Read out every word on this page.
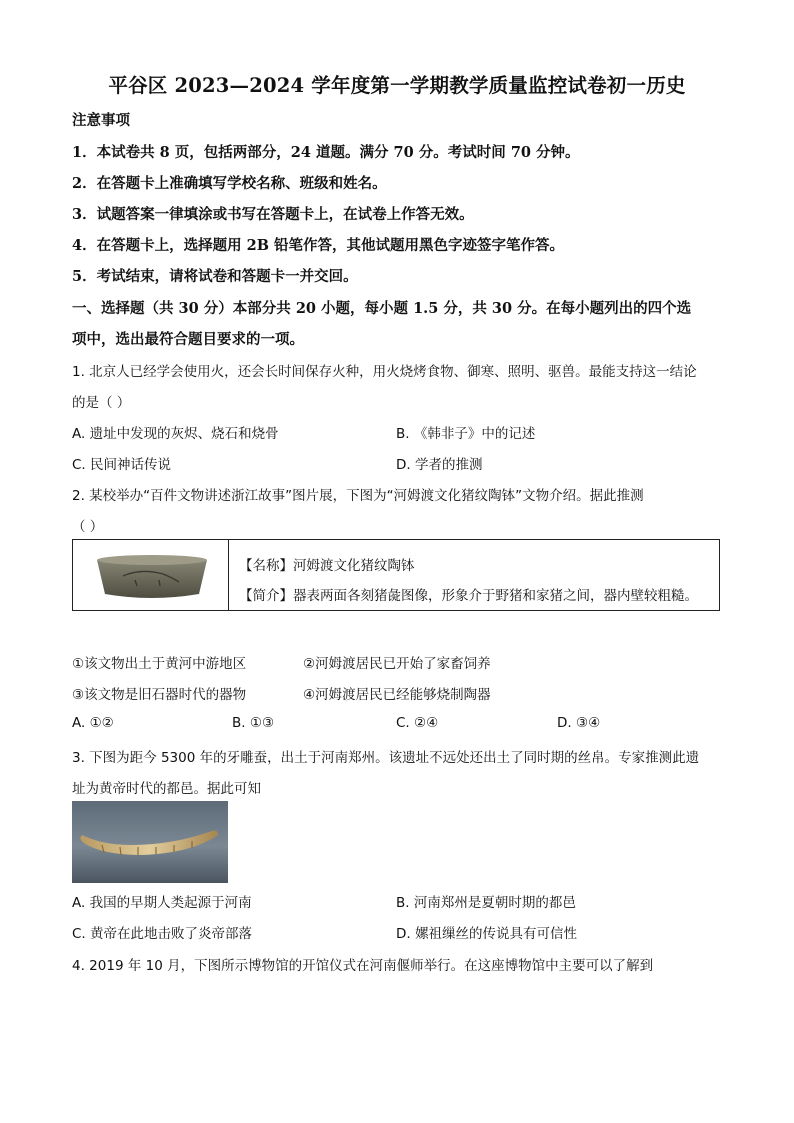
平谷区 2023—2024 学年度第一学期教学质量监控试卷初一历史
注意事项
1．本试卷共 8 页，包括两部分，24 道题。满分 70 分。考试时间 70 分钟。
2．在答题卡上准确填写学校名称、班级和姓名。
3．试题答案一律填涂或书写在答题卡上，在试卷上作答无效。
4．在答题卡上，选择题用 2B 铅笔作答，其他试题用黑色字迹签字笔作答。
5．考试结束，请将试卷和答题卡一并交回。
一、选择题（共 30 分）本部分共 20 小题，每小题 1.5 分，共 30 分。在每小题列出的四个选
项中，选出最符合题目要求的一项。
1. 北京人已经学会使用火，还会长时间保存火种，用火烧烤食物、御寒、照明、驱兽。最能支持这一结论
的是（ ）
A. 遗址中发现的灰烬、烧石和烧骨	B. 《韩非子》中的记述
C. 民间神话传说	D. 学者的推测
2. 某校举办“百件文物讲述浙江故事”图片展，下图为“河姆渡文化猪纹陶钵”文物介绍。据此推测
（ ）
【名称】河姆渡文化猪纹陶钵
【简介】器表两面各刻猪彘图像，形象介于野猪和家猪之间，器内壁较粗糙。
①该文物出土于黄河中游地区	②河姆渡居民已开始了家畜饲养
③该文物是旧石器时代的器物	④河姆渡居民已经能够烧制陶器
A. ①②	B. ①③	C. ②④	D. ③④
3. 下图为距今 5300 年的牙雕蚕，出土于河南郑州。该遗址不远处还出土了同时期的丝帛。专家推测此遗
址为黄帝时代的都邑。据此可知
A. 我国的早期人类起源于河南	B. 河南郑州是夏朝时期的都邑
C. 黄帝在此地击败了炎帝部落	D. 嫘祖缫丝的传说具有可信性
4. 2019 年 10 月，下图所示博物馆的开馆仪式在河南偃师举行。在这座博物馆中主要可以了解到
